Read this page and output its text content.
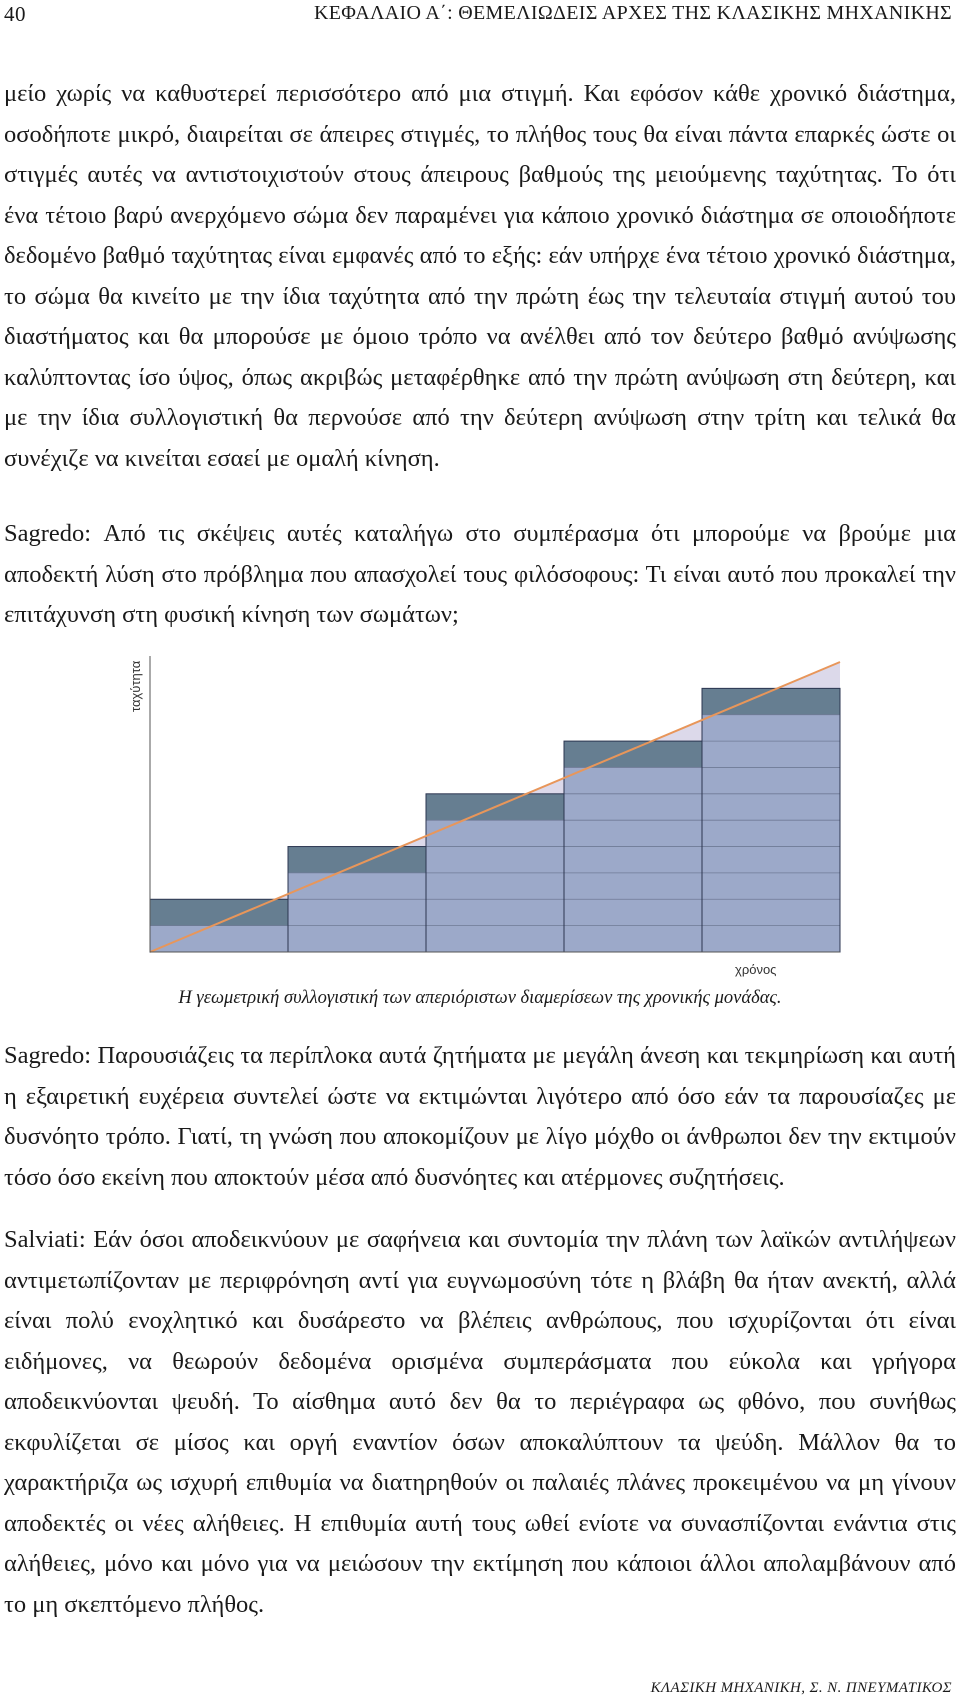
40	ΚΕΦΑΛΑΙΟ Α΄: ΘΕΜΕΛΙΩΔΕΙΣ ΑΡΧΕΣ ΤΗΣ ΚΛΑΣΙΚΗΣ ΜΗΧΑΝΙΚΗΣ

μείο χωρίς να καθυστερεί περισσότερο από μια στιγμή. Και εφόσον κάθε χρονικό διάστημα, οσοδήποτε μικρό, διαιρείται σε άπειρες στιγμές, το πλήθος τους θα είναι πάντα επαρκές ώστε οι στιγμές αυτές να αντιστοιχιστούν στους άπειρους βαθμούς της μειούμενης ταχύτητας. Το ότι ένα τέτοιο βαρύ ανερχόμενο σώμα δεν παραμένει για κάποιο χρονικό διάστημα σε οποιοδήποτε δεδομένο βαθμό ταχύτητας είναι εμφανές από το εξής: εάν υπήρχε ένα τέτοιο χρονικό διάστημα, το σώμα θα κινείτο με την ίδια ταχύτητα από την πρώτη έως την τελευταία στιγμή αυτού του διαστήματος και θα μπορούσε με όμοιο τρόπο να ανέλθει από τον δεύτερο βαθμό ανύψωσης καλύπτοντας ίσο ύψος, όπως ακριβώς μεταφέρθηκε από την πρώτη ανύψωση στη δεύτερη, και με την ίδια συλλογιστική θα περνούσε από την δεύτερη ανύψωση στην τρίτη και τελικά θα συνέχιζε να κινείται εσαεί με ομαλή κίνηση.

Sagredo: Από τις σκέψεις αυτές καταλήγω στο συμπέρασμα ότι μπορούμε να βρούμε μια αποδεκτή λύση στο πρόβλημα που απασχολεί τους φιλόσοφους: Τι είναι αυτό που προκαλεί την επιτάχυνση στη φυσική κίνηση των σωμάτων;

ταχύτητα
χρόνος
Η γεωμετρική συλλογιστική των απεριόριστων διαμερίσεων της χρονικής μονάδας.

Sagredo: Παρουσιάζεις τα περίπλοκα αυτά ζητήματα με μεγάλη άνεση και τεκμηρίωση και αυτή η εξαιρετική ευχέρεια συντελεί ώστε να εκτιμώνται λιγότερο από όσο εάν τα παρουσίαζες με δυσνόητο τρόπο. Γιατί, τη γνώση που αποκομίζουν με λίγο μόχθο οι άνθρωποι δεν την εκτιμούν τόσο όσο εκείνη που αποκτούν μέσα από δυσνόητες και ατέρμονες συζητήσεις.

Salviati: Εάν όσοι αποδεικνύουν με σαφήνεια και συντομία την πλάνη των λαϊκών αντιλήψεων αντιμετωπίζονταν με περιφρόνηση αντί για ευγνωμοσύνη τότε η βλάβη θα ήταν ανεκτή, αλλά είναι πολύ ενοχλητικό και δυσάρεστο να βλέπεις ανθρώπους, που ισχυρίζονται ότι είναι ειδήμονες, να θεωρούν δεδομένα ορισμένα συμπεράσματα που εύκολα και γρήγορα αποδεικνύονται ψευδή. Το αίσθημα αυτό δεν θα το περιέγραφα ως φθόνο, που συνήθως εκφυλίζεται σε μίσος και οργή εναντίον όσων αποκαλύπτουν τα ψεύδη. Μάλλον θα το χαρακτήριζα ως ισχυρή επιθυμία να διατηρηθούν οι παλαιές πλάνες προκειμένου να μη γίνουν αποδεκτές οι νέες αλήθειες. Η επιθυμία αυτή τους ωθεί ενίοτε να συνασπίζονται ενάντια στις αλήθειες, μόνο και μόνο για να μειώσουν την εκτίμηση που κάποιοι άλλοι απολαμβάνουν από το μη σκεπτόμενο πλήθος.

ΚΛΑΣΙΚΗ ΜΗΧΑΝΙΚΗ, Σ. Ν. ΠΝΕΥΜΑΤΙΚΟΣ
